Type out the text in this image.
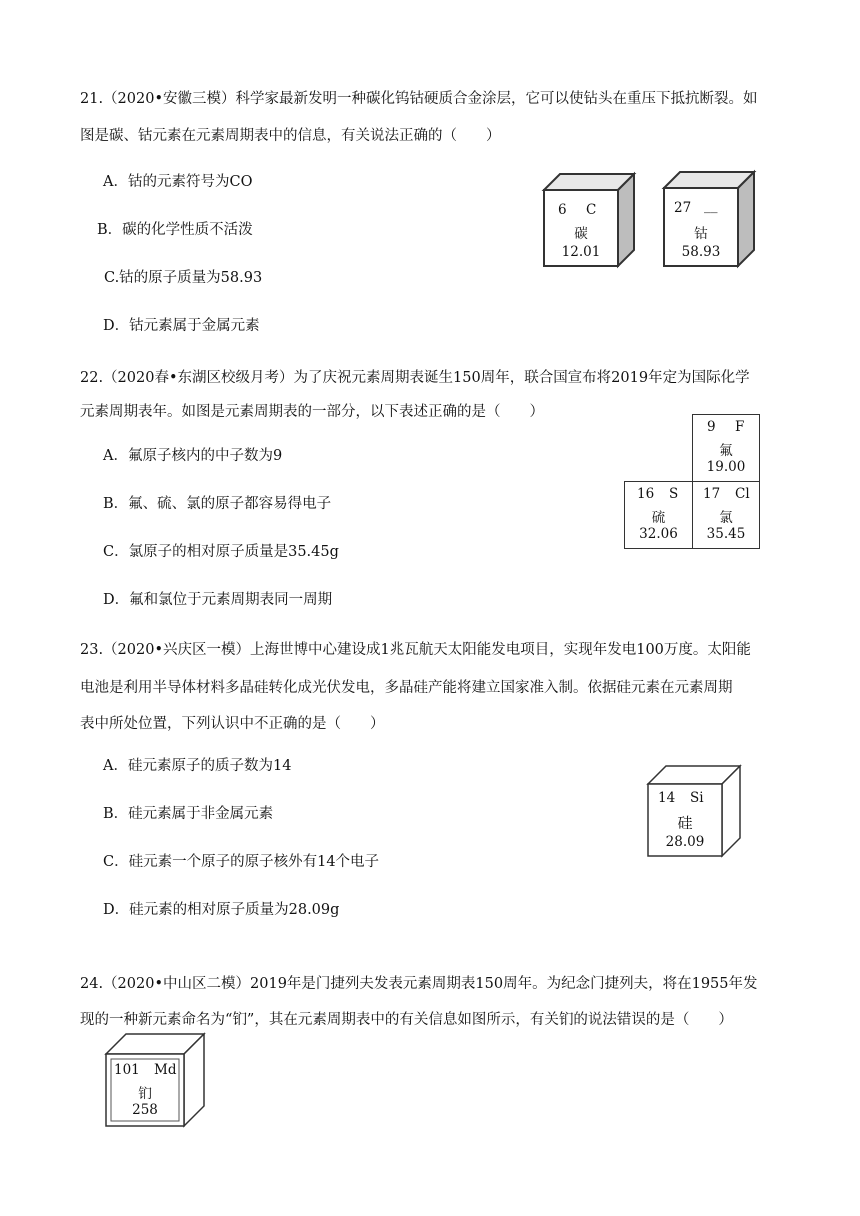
21.（2020•安徽三模）科学家最新发明一种碳化钨钴硬质合金涂层，它可以使钻头在重压下抵抗断裂。如
图是碳、钴元素在元素周期表中的信息，有关说法正确的（　　）
A．钴的元素符号为CO
B．碳的化学性质不活泼
C.钴的原子质量为58.93
D．钴元素属于金属元素
6 C
碳
12.01
27 __
钴
58.93
22.（2020春•东湖区校级月考）为了庆祝元素周期表诞生150周年，联合国宣布将2019年定为国际化学
元素周期表年。如图是元素周期表的一部分，以下表述正确的是（　　）
A．氟原子核内的中子数为9
B．氟、硫、氯的原子都容易得电子
C．氯原子的相对原子质量是35.45g
D．氟和氯位于元素周期表同一周期
9 F
氟
19.00
16 S
硫
32.06
17 Cl
氯
35.45
23.（2020•兴庆区一模）上海世博中心建设成1兆瓦航天太阳能发电项目，实现年发电100万度。太阳能
电池是利用半导体材料多晶硅转化成光伏发电，多晶硅产能将建立国家准入制。依据硅元素在元素周期
表中所处位置，下列认识中不正确的是（　　）
A．硅元素原子的质子数为14
B．硅元素属于非金属元素
C．硅元素一个原子的原子核外有14个电子
D．硅元素的相对原子质量为28.09g
14 Si
硅
28.09
24.（2020•中山区二模）2019年是门捷列夫发表元素周期表150周年。为纪念门捷列夫，将在1955年发
现的一种新元素命名为“钔”，其在元素周期表中的有关信息如图所示，有关钔的说法错误的是（　　）
101 Md
钔
258
